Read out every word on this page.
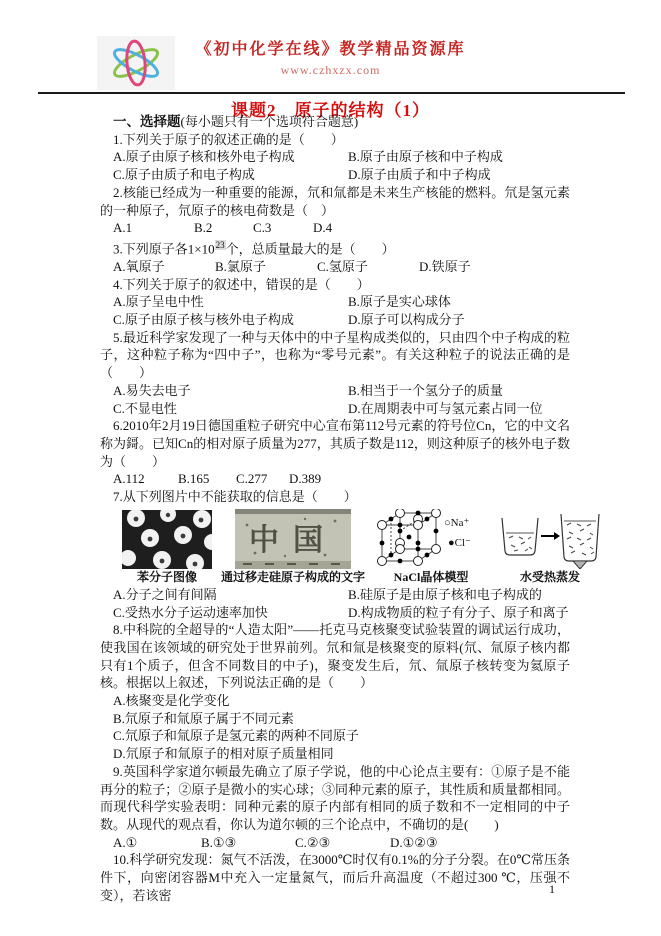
《初中化学在线》教学精品资源库
www.czhxzx.com
课题2　原子的结构（1）

一、选择题(每小题只有一个选项符合题意)

1.下列关于原子的叙述正确的是（　　）

A.原子由原子核和核外电子构成	B.原子由原子核和中子构成
C.原子由质子和电子构成	D.原子由质子和中子构成

2.核能已经成为一种重要的能源，氘和氚都是未来生产核能的燃料。氘是氢元素的一种原子，氘原子的核电荷数是（　）

A.1	B.2	C.3	D.4

3.下列原子各$1\times 10^{23}$个，总质量最大的是（　　）

A.氧原子	B.氯原子	C.氢原子	D.铁原子

4.下列关于原子的叙述中，错误的是（　　）

A.原子呈电中性	B.原子是实心球体
C.原子由原子核与核外电子构成	D.原子可以构成分子

5.最近科学家发现了一种与天体中的中子星构成类似的，只由四个中子构成的粒子，这种粒子称为“四中子”，也称为“零号元素”。有关这种粒子的说法正确的是（　　）

A.易失去电子	B.相当于一个氢分子的质量
C.不显电性	D.在周期表中可与氢元素占同一位

6.2010年2月19日德国重粒子研究中心宣布第112号元素的符号位Cn，它的中文名称为鎶。已知Cn的相对原子质量为277，其质子数是112，则这种原子的核外电子数为（　　）

A.112	B.165	C.277	D.389

7.从下列图片中不能获取的信息是（　　）

苯分子图像
中国
通过移走硅原子构成的文字
○Na⁺
●Cl⁻
NaCl晶体模型	水受热蒸发
A.分子之间有间隔	B.硅原子是由原子核和电子构成的
C.受热水分子运动速率加快	D.构成物质的粒子有分子、原子和离子

8.中科院的全超导的“人造太阳”――托克马克核聚变试验装置的调试运行成功，使我国在该领域的研究处于世界前列。氘和氚是核聚变的原料(氘、氚原子核内都只有1个质子，但含不同数目的中子)，聚变发生后，氘、氚原子核转变为氦原子核。根据以上叙述，下列说法正确的是（　　）

A.核聚变是化学变化
B.氘原子和氚原子属于不同元素
C.氘原子和氚原子是氢元素的两种不同原子
D.氘原子和氚原子的相对原子质量相同

9.英国科学家道尔顿最先确立了原子学说，他的中心论点主要有：①原子是不能再分的粒子；②原子是微小的实心球；③同种元素的原子，其性质和质量都相同。而现代科学实验表明：同种元素的原子内部有相同的质子数和不一定相同的中子数。从现代的观点看，你认为道尔顿的三个论点中，不确切的是(　　)

A.①	B.①③	C.②③	D.①②③

10.科学研究发现：氮气不活泼，在3000℃时仅有0.1%的分子分裂。在0℃常压条件下，向密闭容器M中充入一定量氮气，而后升高温度（不超过300 ℃，压强不变），若该密	1
